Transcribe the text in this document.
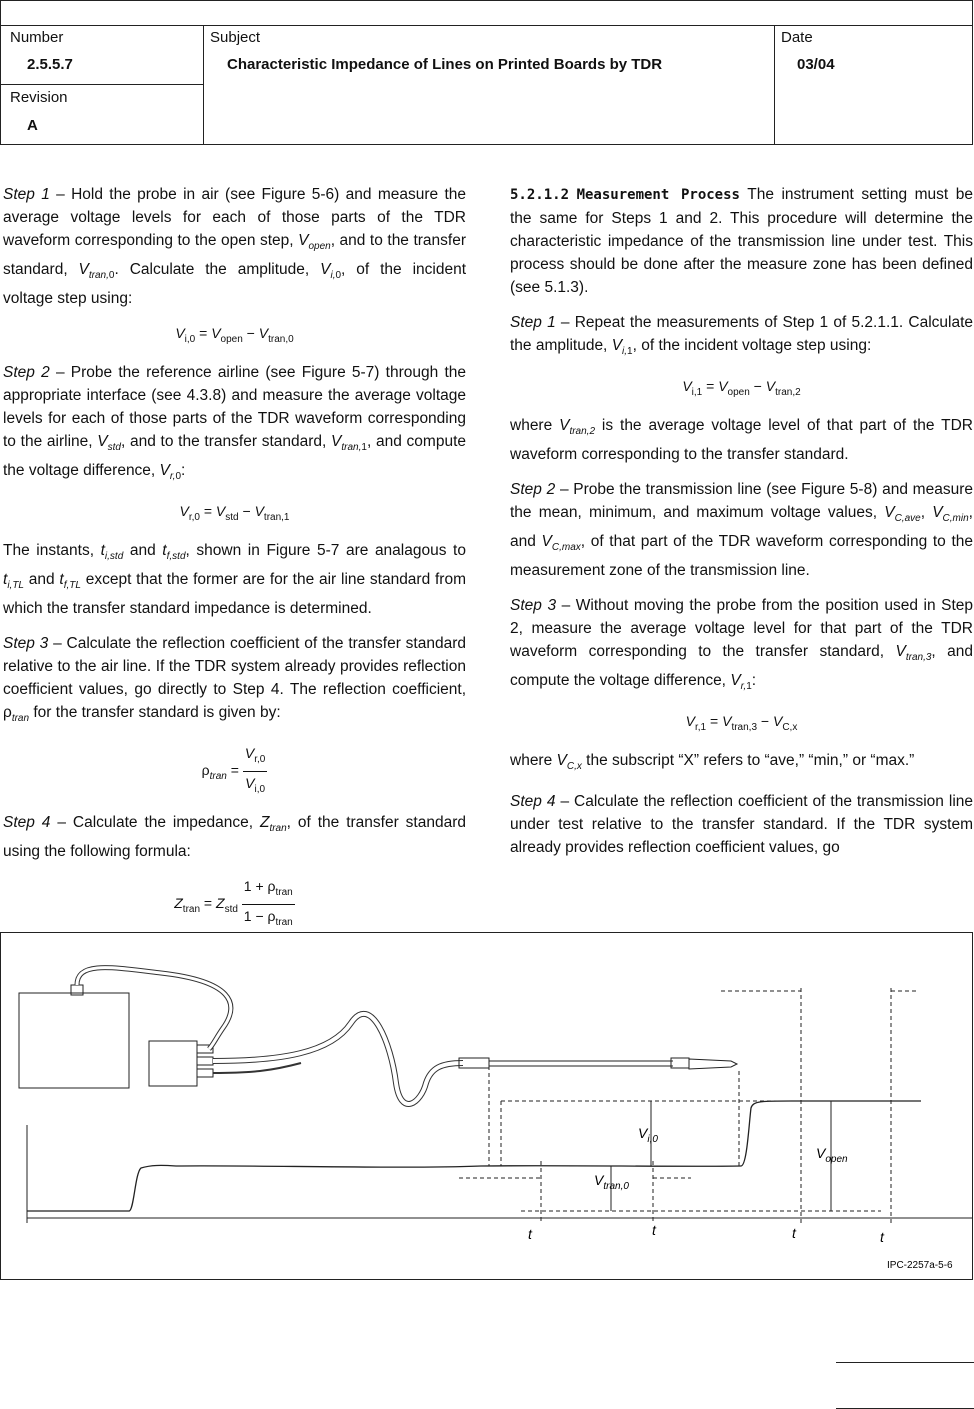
Number
2.5.5.7
Subject
Characteristic Impedance of Lines on Printed Boards by TDR
Date
03/04
Revision
A

Step 1 – Hold the probe in air (see Figure 5-6) and measure the average voltage levels for each of those parts of the TDR waveform corresponding to the open step, $V_{open}$, and to the transfer standard, $V_{tran,0}$. Calculate the amplitude, $V_{i,0}$, of the incident voltage step using:

$V_{i,0} = V_{open} - V_{tran,0}$

Step 2 – Probe the reference airline (see Figure 5-7) through the appropriate interface (see 4.3.8) and measure the average voltage levels for each of those parts of the TDR waveform corresponding to the airline, $V_{std}$, and to the transfer standard, $V_{tran,1}$, and compute the voltage difference, $V_{r,0}$:

$V_{r,0} = V_{std} - V_{tran,1}$

The instants, $t_{i,std}$ and $t_{f,std}$, shown in Figure 5-7 are analagous to $t_{i,TL}$ and $t_{f,TL}$ except that the former are for the air line standard from which the transfer standard impedance is determined.

Step 3 – Calculate the reflection coefficient of the transfer standard relative to the air line. If the TDR system already provides reflection coefficient values, go directly to Step 4. The reflection coefficient, $\rho_{tran}$ for the transfer standard is given by:

$\rho_{tran} = \frac{V_{r,0}}{V_{i,0}}$

Step 4 – Calculate the impedance, $Z_{tran}$, of the transfer standard using the following formula:

$Z_{tran} = Z_{std} \frac{1 + \rho_{tran}}{1 - \rho_{tran}}$

5.2.1.2 Measurement Process The instrument setting must be the same for Steps 1 and 2. This procedure will determine the characteristic impedance of the transmission line under test. This process should be done after the measure zone has been defined (see 5.1.3).

Step 1 – Repeat the measurements of Step 1 of 5.2.1.1. Calculate the amplitude, $V_{i,1}$, of the incident voltage step using:

$V_{i,1} = V_{open} - V_{tran,2}$

where $V_{tran,2}$ is the average voltage level of that part of the TDR waveform corresponding to the transfer standard.

Step 2 – Probe the transmission line (see Figure 5-8) and measure the mean, minimum, and maximum voltage values, $V_{C,ave}$, $V_{C,min}$, and $V_{C,max}$, of that part of the TDR waveform corresponding to the measurement zone of the transmission line.

Step 3 – Without moving the probe from the position used in Step 2, measure the average voltage level for that part of the TDR waveform corresponding to the transfer standard, $V_{tran,3}$, and compute the voltage difference, $V_{r,1}$:

$V_{r,1} = V_{tran,3} - V_{C,x}$

where $V_{C,x}$ the subscript “X” refers to “ave,” “min,” or “max.”

Step 4 – Calculate the reflection coefficient of the transmission line under test relative to the transfer standard. If the TDR system already provides reflection coefficient values, go

$V_{i,0}$
$V_{tran,0}$
$V_{open}$
t	t	t	t
IPC-2257a-5-6
